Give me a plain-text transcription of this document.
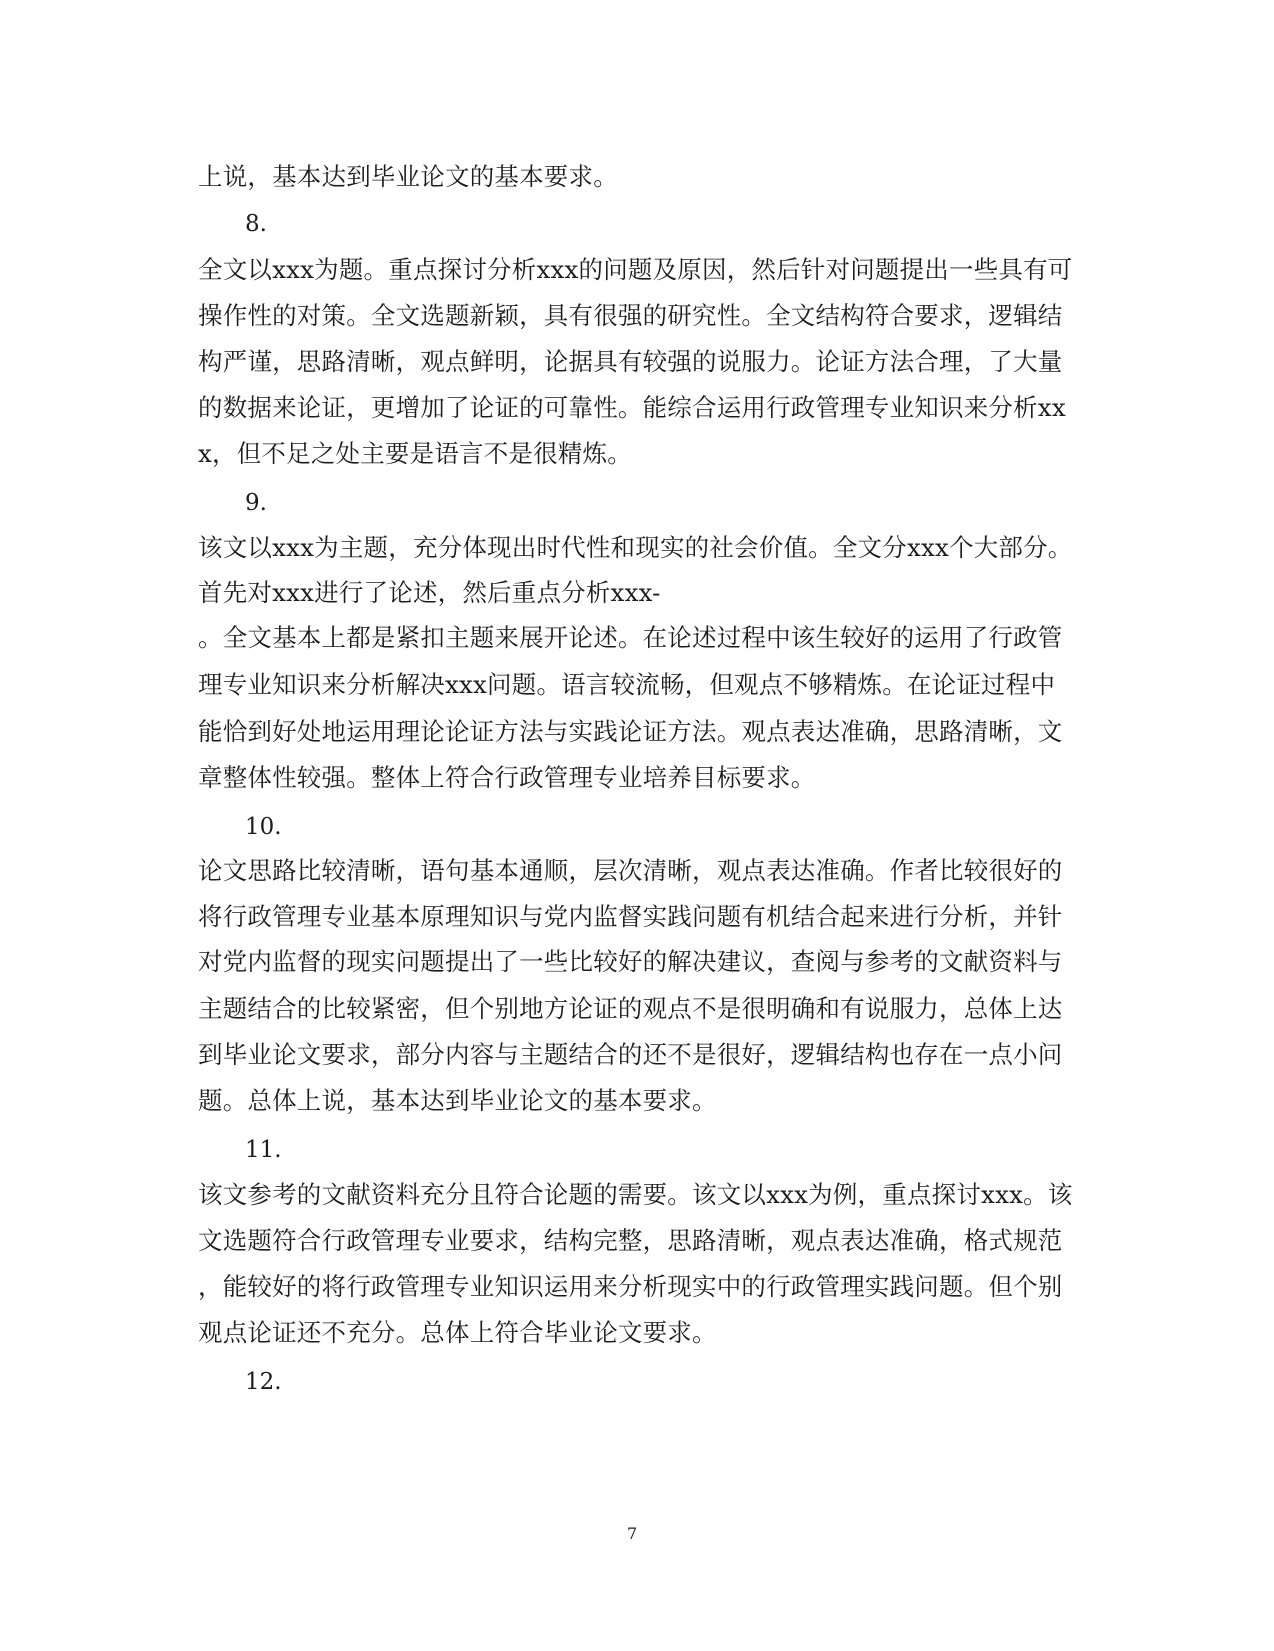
上说，基本达到毕业论文的基本要求。
8.
全文以xxx为题。重点探讨分析xxx的问题及原因，然后针对问题提出一些具有可
操作性的对策。全文选题新颖，具有很强的研究性。全文结构符合要求，逻辑结
构严谨，思路清晰，观点鲜明，论据具有较强的说服力。论证方法合理，了大量
的数据来论证，更增加了论证的可靠性。能综合运用行政管理专业知识来分析xx
x，但不足之处主要是语言不是很精炼。
9.
该文以xxx为主题，充分体现出时代性和现实的社会价值。全文分xxx个大部分。
首先对xxx进行了论述，然后重点分析xxx-
。全文基本上都是紧扣主题来展开论述。在论述过程中该生较好的运用了行政管
理专业知识来分析解决xxx问题。语言较流畅，但观点不够精炼。在论证过程中
能恰到好处地运用理论论证方法与实践论证方法。观点表达准确，思路清晰，文
章整体性较强。整体上符合行政管理专业培养目标要求。
10.
论文思路比较清晰，语句基本通顺，层次清晰，观点表达准确。作者比较很好的
将行政管理专业基本原理知识与党内监督实践问题有机结合起来进行分析，并针
对党内监督的现实问题提出了一些比较好的解决建议，查阅与参考的文献资料与
主题结合的比较紧密，但个别地方论证的观点不是很明确和有说服力，总体上达
到毕业论文要求，部分内容与主题结合的还不是很好，逻辑结构也存在一点小问
题。总体上说，基本达到毕业论文的基本要求。
11.
该文参考的文献资料充分且符合论题的需要。该文以xxx为例，重点探讨xxx。该
文选题符合行政管理专业要求，结构完整，思路清晰，观点表达准确，格式规范
，能较好的将行政管理专业知识运用来分析现实中的行政管理实践问题。但个别
观点论证还不充分。总体上符合毕业论文要求。
12.
7
